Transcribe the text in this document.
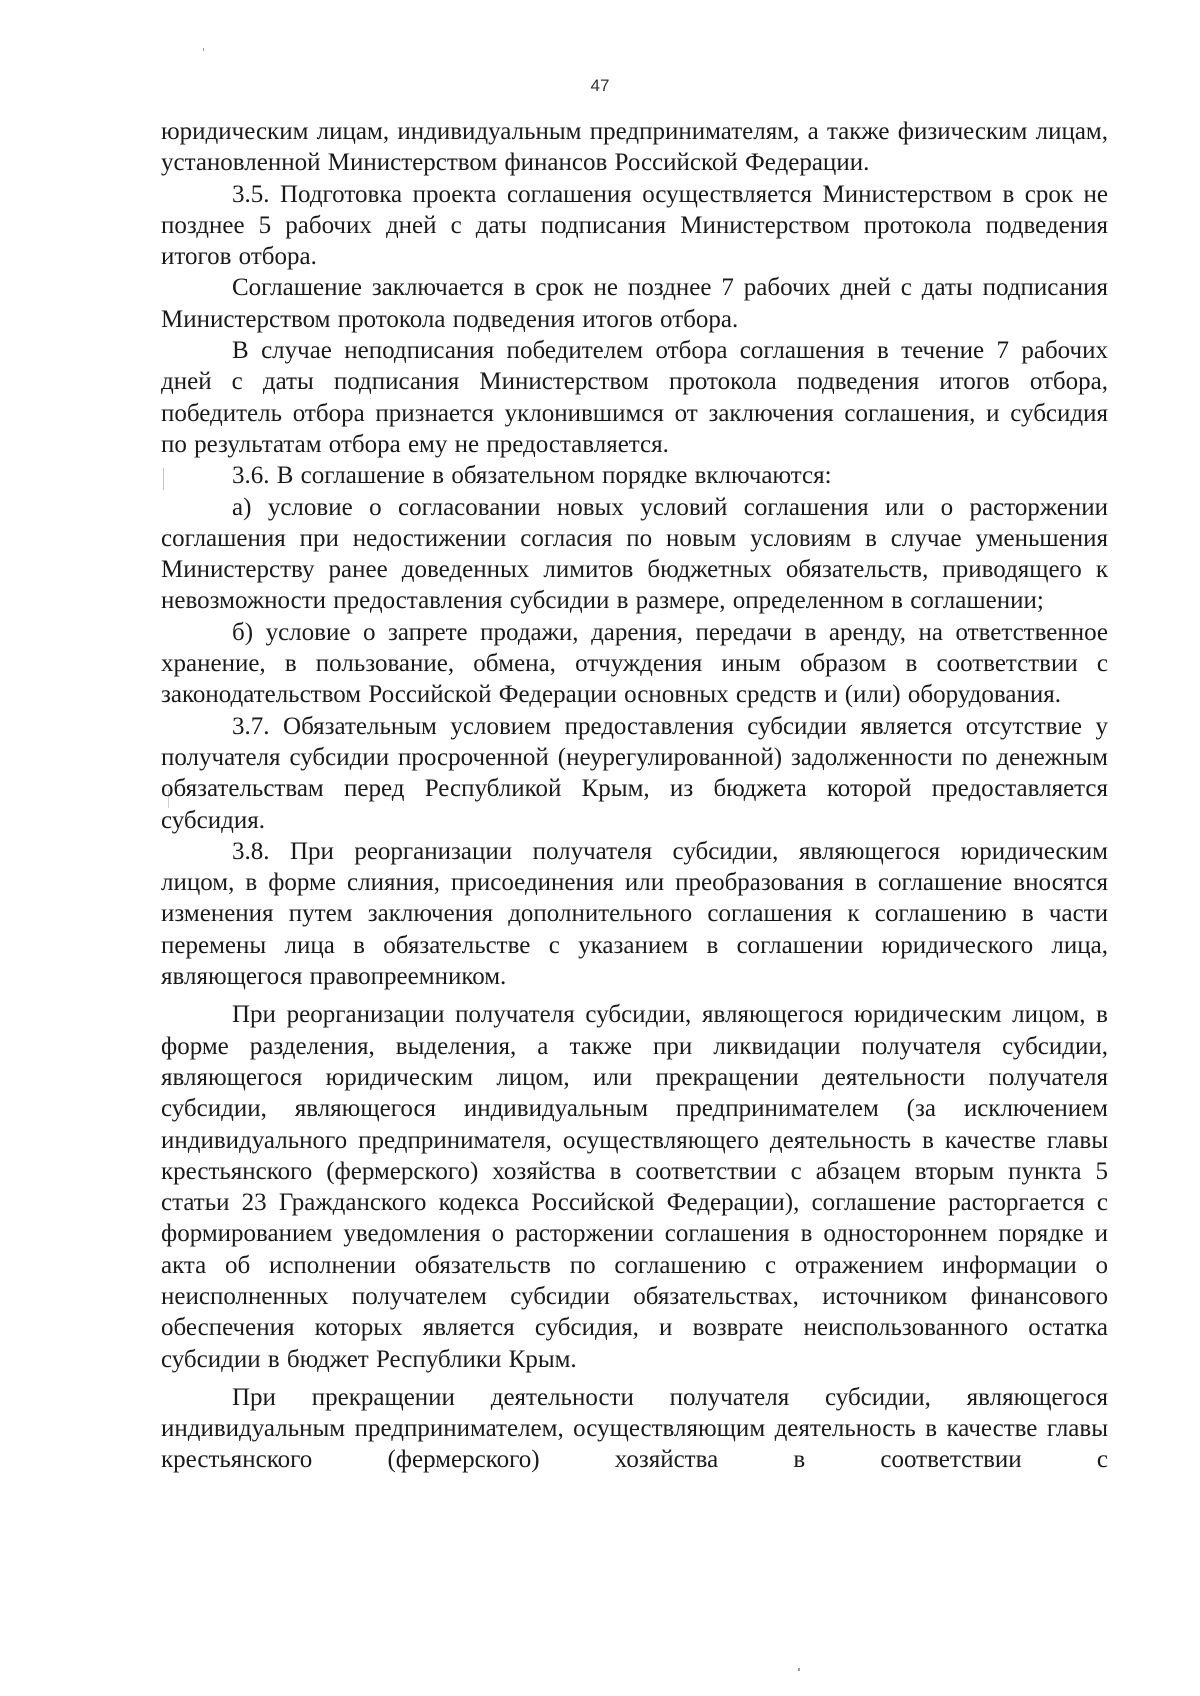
47

юридическим лицам, индивидуальным предпринимателям, а также физическим лицам, установленной Министерством финансов Российской Федерации.

3.5. Подготовка проекта соглашения осуществляется Министерством в срок не позднее 5 рабочих дней с даты подписания Министерством протокола подведения итогов отбора.

Соглашение заключается в срок не позднее 7 рабочих дней с даты подписания Министерством протокола подведения итогов отбора.

В случае неподписания победителем отбора соглашения в течение 7 рабочих дней с даты подписания Министерством протокола подведения итогов отбора, победитель отбора признается уклонившимся от заключения соглашения, и субсидия по результатам отбора ему не предоставляется.

3.6. В соглашение в обязательном порядке включаются:

а) условие о согласовании новых условий соглашения или о расторжении соглашения при недостижении согласия по новым условиям в случае уменьшения Министерству ранее доведенных лимитов бюджетных обязательств, приводящего к невозможности предоставления субсидии в размере, определенном в соглашении;

б) условие о запрете продажи, дарения, передачи в аренду, на ответственное хранение, в пользование, обмена, отчуждения иным образом в соответствии с законодательством Российской Федерации основных средств и (или) оборудования.

3.7. Обязательным условием предоставления субсидии является отсутствие у получателя субсидии просроченной (неурегулированной) задолженности по денежным обязательствам перед Республикой Крым, из бюджета которой предоставляется субсидия.

3.8. При реорганизации получателя субсидии, являющегося юридическим лицом, в форме слияния, присоединения или преобразования в соглашение вносятся изменения путем заключения дополнительного соглашения к соглашению в части перемены лица в обязательстве с указанием в соглашении юридического лица, являющегося правопреемником.

При реорганизации получателя субсидии, являющегося юридическим лицом, в форме разделения, выделения, а также при ликвидации получателя субсидии, являющегося юридическим лицом, или прекращении деятельности получателя субсидии, являющегося индивидуальным предпринимателем (за исключением индивидуального предпринимателя, осуществляющего деятельность в качестве главы крестьянского (фермерского) хозяйства в соответствии с абзацем вторым пункта 5 статьи 23 Гражданского кодекса Российской Федерации), соглашение расторгается с формированием уведомления о расторжении соглашения в одностороннем порядке и акта об исполнении обязательств по соглашению с отражением информации о неисполненных получателем субсидии обязательствах, источником финансового обеспечения которых является субсидия, и возврате неиспользованного остатка субсидии в бюджет Республики Крым.

При прекращении деятельности получателя субсидии, являющегося индивидуальным предпринимателем, осуществляющим деятельность в качестве главы крестьянского (фермерского) хозяйства в соответствии с
